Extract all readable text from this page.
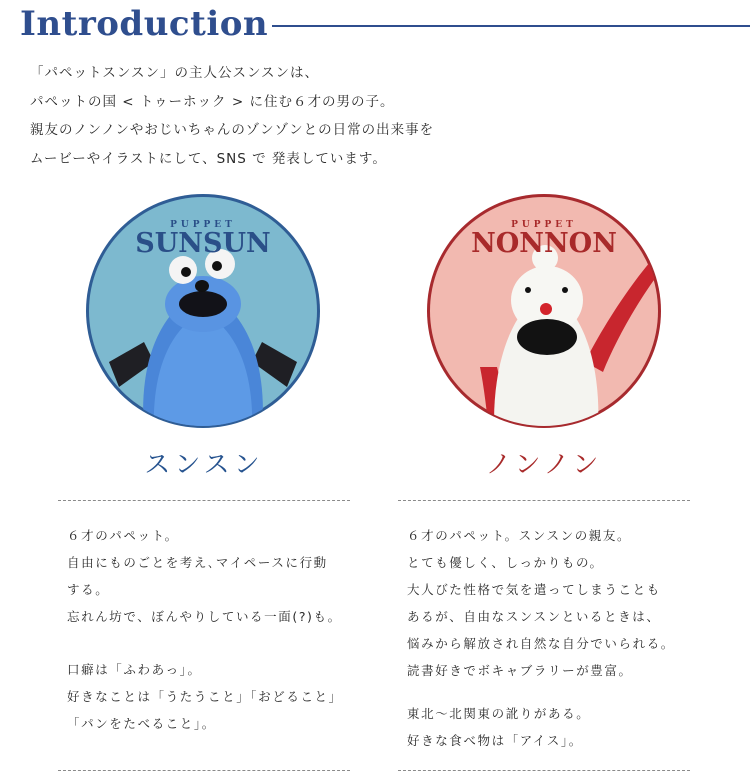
Introduction
「パペットスンスン」の主人公スンスンは、
パペットの国 < トゥーホック > に住む６才の男の子。
親友のノンノンやおじいちゃんのゾンゾンとの日常の出来事を
ムービーやイラストにして、SNS で 発表しています。
PUPPET
SUNSUN
PUPPET
NONNON
スンスン	ノンノン
６才のパペット。
自由にものごとを考え､マイペースに行動
する。
忘れん坊で、ぼんやりしている一面(?)も。
口癖は「ふわあっ」。
好きなことは「うたうこと」「おどること」
「パンをたべること」。
６才のパペット。スンスンの親友。
とても優しく、しっかりもの。
大人びた性格で気を遣ってしまうことも
あるが、自由なスンスンといるときは、
悩みから解放され自然な自分でいられる。
読書好きでボキャブラリーが豊富。
東北～北関東の訛りがある。
好きな食べ物は「アイス」。
